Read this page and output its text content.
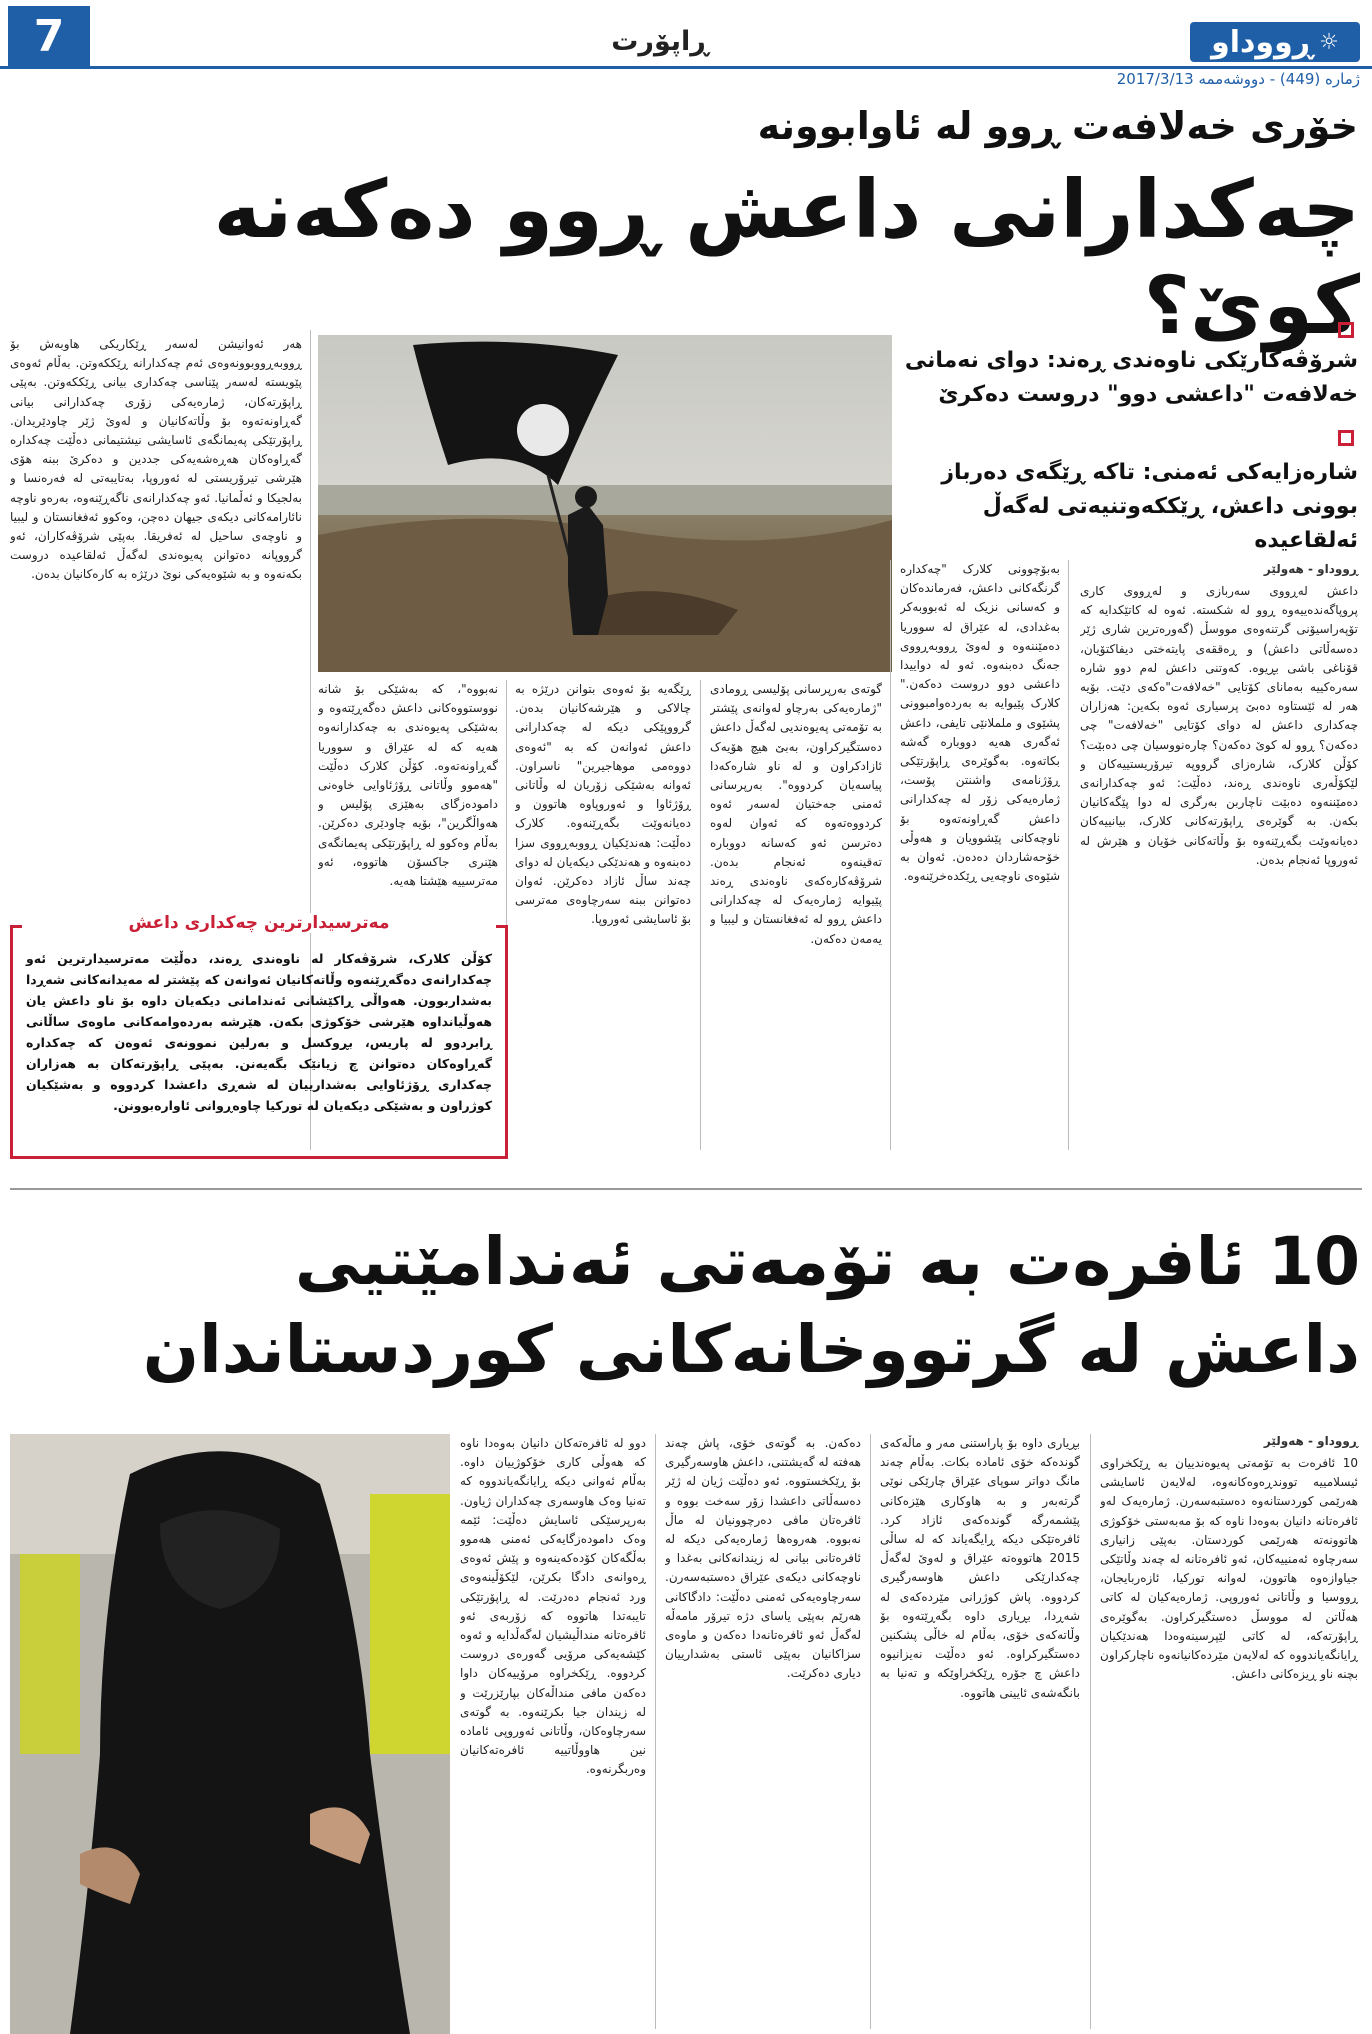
7	ڕاپۆرت	ڕووداو ☼
ژمارە (449) - دووشەممە 2017/3/13
خۆری خەلافەت ڕوو لە ئاوابوونە
چەکدارانی داعش ڕوو دەکەنە کوێ؟
شرۆڤەکارێکی ناوەندی ڕەند: دوای نەمانی خەلافەت "داعشی دوو" دروست دەکرێ
شارەزایەکی ئەمنی: تاکە ڕێگەی دەرباز بوونی داعش، ڕێککەوتنیەتی لەگەڵ ئەلقاعیدە
ڕووداو - هەولێر
داعش لەڕووی سەربازی و لەڕووی کاری پروپاگەندەییەوە ڕوو لە شکستە. ئەوە لە کاتێکدایە کە تۆپەراسیۆنی گرتنەوەی مووسڵ (گەورەترین شاری ژێر دەسەڵاتی داعش) و ڕەققەی پایتەختی دیفاکتۆیان، قۆناغی باشی بڕیوە. کەوتنی داعش لەم دوو شارە سەرەکییە بەمانای کۆتایی "خەلافەت"ەکەی دێت. بۆیە هەر لە ئێستاوە دەبێ پرسیاری ئەوە بکەین: هەزاران چەکداری داعش لە دوای کۆتایی "خەلافەت" چی دەکەن؟ ڕوو لە کوێ دەکەن؟ چارەنووسیان چی دەبێت؟ کۆڵن کلارک، شارەزای گرووپە تیرۆریستییەکان و لێکۆڵەری ناوەندی ڕەند، دەڵێت: ئەو چەکدارانەی دەمێننەوە دەبێت ناچاربن بەرگری لە دوا پێگەکانیان بکەن. بە گوێرەی ڕاپۆرتەکانی کلارک، بیانییەکان دەیانەوێت بگەڕێنەوە بۆ وڵاتەکانی خۆیان و هێرش لە ئەوروپا ئەنجام بدەن.
بەبۆچوونی کلارک "چەکدارە گرنگەکانی داعش، فەرماندەکان و کەسانی نزیک لە ئەبووبەکر بەغدادی، لە عێراق لە سووریا دەمێننەوە و لەوێ ڕووبەڕووی جەنگ دەبنەوە. ئەو لە دواییدا داعشی دوو دروست دەکەن." کلارک پێیوایە بە بەردەوامبوونی پشێوی و ململانێی تایفی، داعش ئەگەری هەیە دووبارە گەشە بکاتەوە. بەگوێرەی ڕاپۆرتێکی ڕۆژنامەی واشنتن پۆست، ژمارەیەکی زۆر لە چەکدارانی داعش گەڕاونەتەوە بۆ ناوچەکانی پێشوویان و هەوڵی خۆحەشاردان دەدەن. ئەوان بە شێوەی ناوچەیی ڕێکدەخرێنەوە.
گوتەی بەرپرسانی پۆلیسی ڕومادی "ژمارەیەکی بەرچاو لەوانەی پێشتر بە تۆمەتی پەیوەندیی لەگەڵ داعش دەستگیرکراون، بەبێ هیچ هۆیەک ئازادکراون و لە ناو شارەکەدا پیاسەیان کردووە". بەرپرسانی ئەمنی جەختیان لەسەر ئەوە کردووەتەوە کە ئەوان لەوە دەترسن ئەو کەسانە دووبارە تەقینەوە ئەنجام بدەن. شرۆڤەکارەکەی ناوەندی ڕەند پێیوایە ژمارەیەک لە چەکدارانی داعش ڕوو لە ئەفغانستان و لیبیا و یەمەن دەکەن.
ڕێگەیە بۆ ئەوەی بتوانن درێژە بە چالاکی و هێرشەکانیان بدەن. گرووپێکی دیکە لە چەکدارانی داعش ئەوانەن کە بە "ئەوەی دووەمی موهاجیرین" ناسراون. ئەوانە بەشێکی زۆریان لە وڵاتانی ڕۆژئاوا و ئەوروپاوە هاتوون و دەیانەوێت بگەڕێنەوە. کلارک دەڵێت: هەندێکیان ڕووبەڕووی سزا دەبنەوە و هەندێکی دیکەیان لە دوای چەند ساڵ ئازاد دەکرێن. ئەوان دەتوانن ببنە سەرچاوەی مەترسی بۆ ئاسایشی ئەوروپا.
نەبووە"، کە بەشێکی بۆ شانە نووستووەکانی داعش دەگەڕێتەوە و بەشێکی پەیوەندی بە چەکدارانەوە هەیە کە لە عێراق و سووریا گەڕاونەتەوە. کۆڵن کلارک دەڵێت "هەموو وڵاتانی ڕۆژئاوایی خاوەنی دامودەزگای بەهێزی پۆلیس و هەواڵگرین"، بۆیە چاودێری دەکرێن. بەڵام وەکوو لە ڕاپۆرتێکی پەیمانگەی هێنری جاکسۆن هاتووە، ئەو مەترسییە هێشتا هەیە.
هەر ئەوانیشن لەسەر ڕێکاریکی هاوبەش بۆ ڕووبەڕووبوونەوەی ئەم چەکدارانە ڕێککەوتن. بەڵام ئەوەی پێویستە لەسەر پێناسی چەکداری بیانی ڕێککەوتن. بەپێی ڕاپۆرتەکان، ژمارەیەکی زۆری چەکدارانی بیانی گەڕاونەتەوە بۆ وڵاتەکانیان و لەوێ ژێر چاودێریدان. ڕاپۆرتێکی پەیمانگەی ئاسایشی نیشتیمانی دەڵێت چەکدارە گەڕاوەکان هەڕەشەیەکی جددین و دەکرێ ببنە هۆی هێرشی تیرۆریستی لە ئەوروپا، بەتایبەتی لە فەرەنسا و بەلجیکا و ئەڵمانیا. ئەو چەکدارانەی ناگەڕێنەوە، بەرەو ناوچە نائارامەکانی دیکەی جیهان دەچن، وەکوو ئەفغانستان و لیبیا و ناوچەی ساحیل لە ئەفریقا. بەپێی شرۆڤەکاران، ئەو گرووپانە دەتوانن پەیوەندی لەگەڵ ئەلقاعیدە دروست بکەنەوە و بە شێوەیەکی نوێ درێژە بە کارەکانیان بدەن.
مەترسیدارترین چەکداری داعش
کۆڵن کلارک، شرۆڤەکار لە ناوەندی ڕەند، دەڵێت مەترسیدارترین ئەو چەکدارانەی دەگەڕێنەوە وڵاتەکانیان ئەوانەن کە پێشتر لە مەیدانەکانی شەڕدا بەشداربوون. هەواڵی ڕاکێشانی ئەندامانی دیکەیان داوە بۆ ناو داعش یان هەوڵیانداوە هێرشی خۆکوژی بکەن. هێرشە بەردەوامەکانی ماوەی ساڵانی ڕابردوو لە پاریس، بڕوکسل و بەرلین نموونەی ئەوەن کە چەکدارە گەڕاوەکان دەتوانن چ زیانێک بگەیەنن. بەپێی ڕاپۆرتەکان بە هەزاران چەکداری ڕۆژئاوایی بەشدارییان لە شەڕی داعشدا کردووە و بەشێکیان کوژراون و بەشێکی دیکەیان لە تورکیا چاوەڕوانی ئاوارەبوونن.
10 ئافرەت بە تۆمەتی ئەندامێتیی داعش لە گرتووخانەکانی کوردستاندان
ڕووداو - هەولێر
10 ئافرەت بە تۆمەتی پەیوەندییان بە ڕێکخراوی ئیسلامییە تووندڕەوەکانەوە، لەلایەن ئاسایشی هەرێمی کوردستانەوە دەستبەسەرن. ژمارەیەک لەو ئافرەتانە دانیان بەوەدا ناوە کە بۆ مەبەستی خۆکوژی هاتوونەتە هەرێمی کوردستان. بەپێی زانیاری سەرچاوە ئەمنییەکان، ئەو ئافرەتانە لە چەند وڵاتێکی جیاوازەوە هاتوون، لەوانە تورکیا، ئازەربایجان، ڕووسیا و وڵاتانی ئەوروپی. ژمارەیەکیان لە کاتی هەڵاتن لە مووسڵ دەستگیرکراون. بەگوێرەی ڕاپۆرتەکە، لە کاتی لێپرسینەوەدا هەندێکیان ڕایانگەیاندووە کە لەلایەن مێردەکانیانەوە ناچارکراون بچنە ناو ڕیزەکانی داعش.
بڕیاری داوە بۆ پاراستنی مەر و ماڵەکەی گوندەکە خۆی ئامادە بکات. بەڵام چەند مانگ دواتر سوپای عێراق چارێکی نوێی گرتەبەر و بە هاوکاری هێزەکانی پێشمەرگە گوندەکەی ئازاد کرد. ئافرەتێکی دیکە ڕایگەیاند کە لە ساڵی 2015 هاتووەتە عێراق و لەوێ لەگەڵ چەکدارێکی داعش هاوسەرگیری کردووە. پاش کوژرانی مێردەکەی لە شەڕدا، بڕیاری داوە بگەڕێتەوە بۆ وڵاتەکەی خۆی، بەڵام لە خاڵی پشکنین دەستگیرکراوە. ئەو دەڵێت نەیزانیوە داعش چ جۆرە ڕێکخراوێکە و تەنیا بە بانگەشەی ئایینی هاتووە.
دەکەن. بە گوتەی خۆی، پاش چەند هەفتە لە گەیشتنی، داعش هاوسەرگیری بۆ ڕێکخستووە. ئەو دەڵێت ژیان لە ژێر دەسەڵاتی داعشدا زۆر سەخت بووە و ئافرەتان مافی دەرچوونیان لە ماڵ نەبووە. هەروەها ژمارەیەکی دیکە لە ئافرەتانی بیانی لە زیندانەکانی بەغدا و ناوچەکانی دیکەی عێراق دەستبەسەرن. سەرچاوەیەکی ئەمنی دەڵێت: دادگاکانی هەرێم بەپێی یاسای دژە تیرۆر مامەڵە لەگەڵ ئەو ئافرەتانەدا دەکەن و ماوەی سزاکانیان بەپێی ئاستی بەشدارییان دیاری دەکرێت.
دوو لە ئافرەتەکان دانیان بەوەدا ناوە کە هەوڵی کاری خۆکوژییان داوە. بەڵام ئەوانی دیکە ڕایانگەیاندووە کە تەنیا وەک هاوسەری چەکداران ژیاون. بەرپرسێکی ئاسایش دەڵێت: ئێمە وەک دامودەزگایەکی ئەمنی هەموو بەڵگەکان کۆدەکەینەوە و پێش ئەوەی ڕەوانەی دادگا بکرێن، لێکۆڵینەوەی ورد ئەنجام دەدرێت. لە ڕاپۆرتێکی تایبەتدا هاتووە کە زۆربەی ئەو ئافرەتانە منداڵیشیان لەگەڵدایە و ئەوە کێشەیەکی مرۆیی گەورەی دروست کردووە. ڕێکخراوە مرۆییەکان داوا دەکەن مافی منداڵەکان بپارێزرێت و لە زیندان جیا بکرێنەوە. بە گوتەی سەرچاوەکان، وڵاتانی ئەوروپی ئامادە نین هاووڵاتییە ئافرەتەکانیان وەربگرنەوە.
